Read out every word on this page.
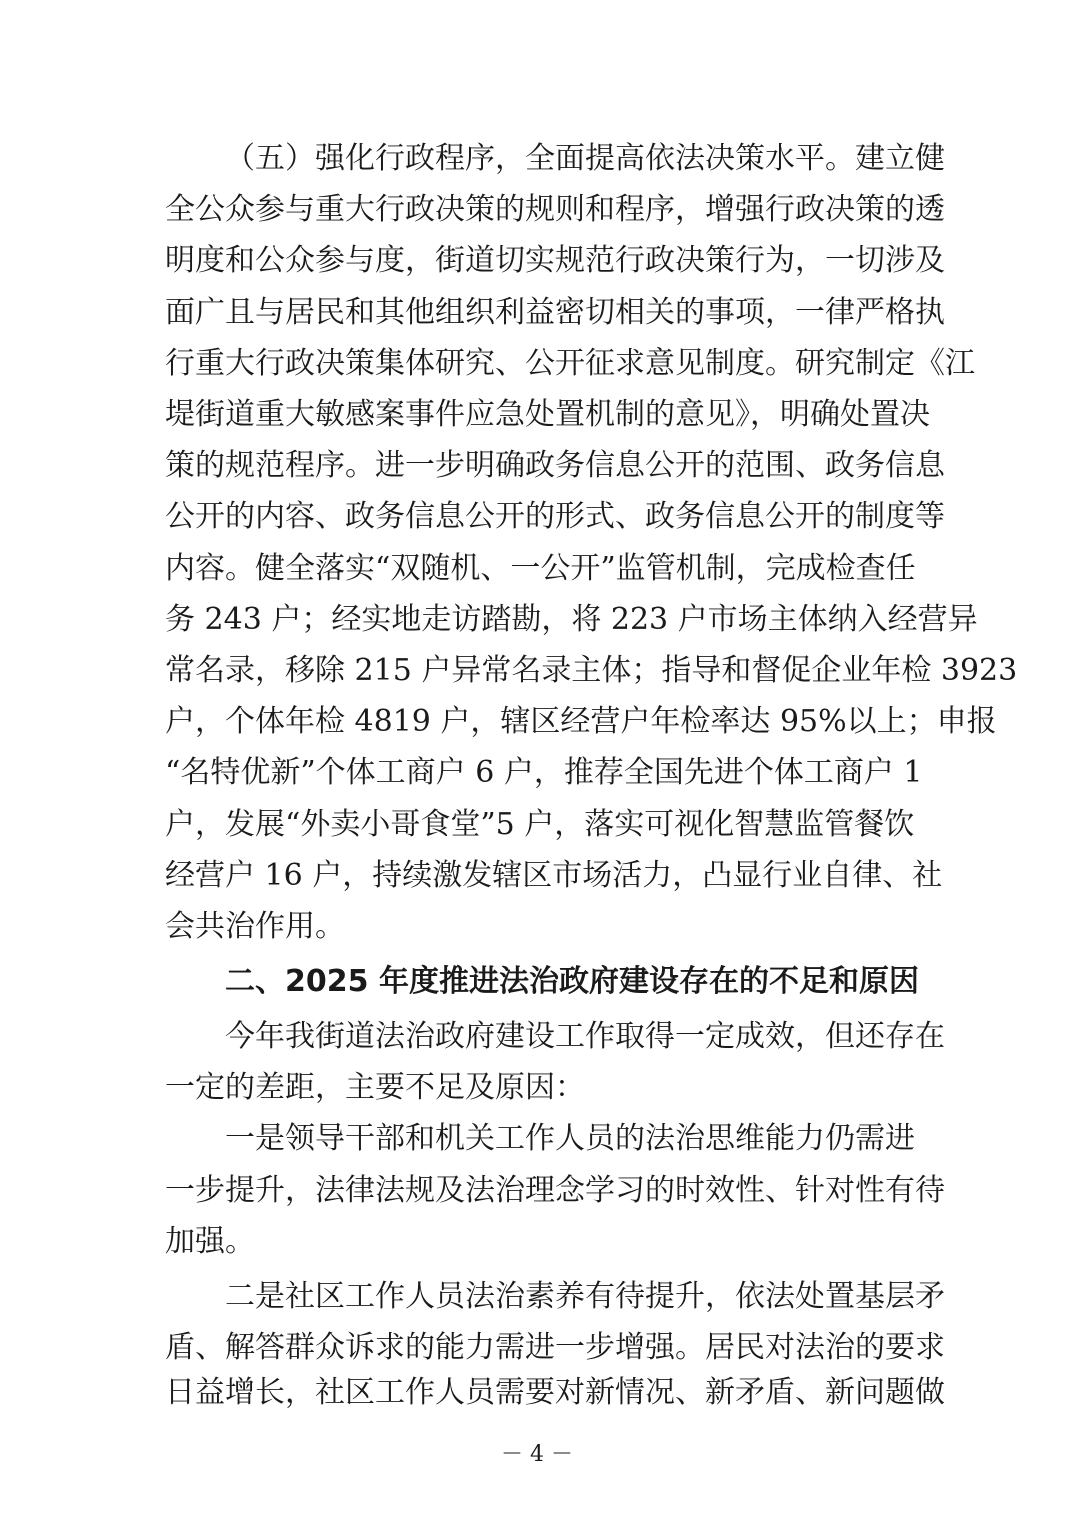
（五）强化行政程序，全面提高依法决策水平。建立健
全公众参与重大行政决策的规则和程序，增强行政决策的透
明度和公众参与度，街道切实规范行政决策行为，一切涉及
面广且与居民和其他组织利益密切相关的事项，一律严格执
行重大行政决策集体研究、公开征求意见制度。研究制定《江
堤街道重大敏感案事件应急处置机制的意见》，明确处置决
策的规范程序。进一步明确政务信息公开的范围、政务信息
公开的内容、政务信息公开的形式、政务信息公开的制度等
内容。健全落实“双随机、一公开”监管机制，完成检查任
务 243 户；经实地走访踏勘，将 223 户市场主体纳入经营异
常名录，移除 215 户异常名录主体；指导和督促企业年检 3923
户，个体年检 4819 户，辖区经营户年检率达 95%以上；申报
“名特优新”个体工商户 6 户，推荐全国先进个体工商户 1
户，发展“外卖小哥食堂”5 户，落实可视化智慧监管餐饮
经营户 16 户，持续激发辖区市场活力，凸显行业自律、社
会共治作用。
二、2025 年度推进法治政府建设存在的不足和原因
今年我街道法治政府建设工作取得一定成效，但还存在
一定的差距，主要不足及原因：
一是领导干部和机关工作人员的法治思维能力仍需进
一步提升，法律法规及法治理念学习的时效性、针对性有待
加强。
二是社区工作人员法治素养有待提升，依法处置基层矛
盾、解答群众诉求的能力需进一步增强。居民对法治的要求
－ 4 －
日益增长，社区工作人员需要对新情况、新矛盾、新问题做
